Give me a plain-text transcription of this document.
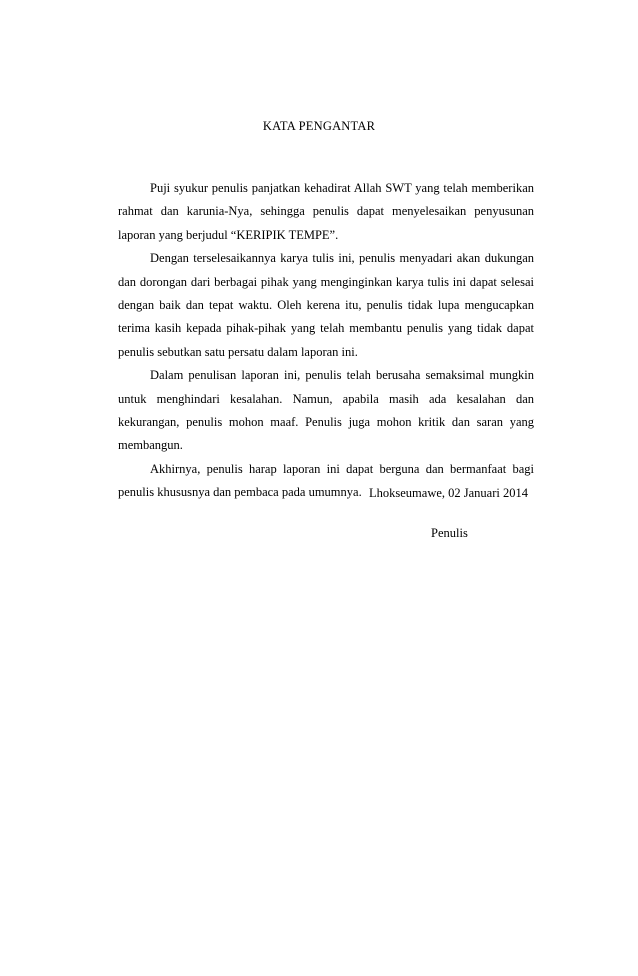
KATA PENGANTAR

Puji syukur penulis panjatkan kehadirat Allah SWT yang telah memberikan rahmat dan karunia-Nya, sehingga penulis dapat menyelesaikan penyusunan laporan yang berjudul “KERIPIK TEMPE”.

Dengan terselesaikannya karya tulis ini, penulis menyadari akan dukungan dan dorongan dari berbagai pihak yang menginginkan karya tulis ini dapat selesai dengan baik dan tepat waktu. Oleh kerena itu, penulis tidak lupa mengucapkan terima kasih kepada pihak-pihak yang telah membantu penulis yang tidak dapat penulis sebutkan satu persatu dalam laporan ini.

Dalam penulisan laporan ini, penulis telah berusaha semaksimal mungkin untuk menghindari kesalahan. Namun, apabila masih ada kesalahan dan kekurangan, penulis mohon maaf. Penulis juga mohon kritik dan saran yang membangun.

Akhirnya, penulis harap laporan ini dapat berguna dan bermanfaat bagi penulis khususnya dan pembaca pada umumnya. Lhokseumawe, 02 Januari 2014
Penulis
